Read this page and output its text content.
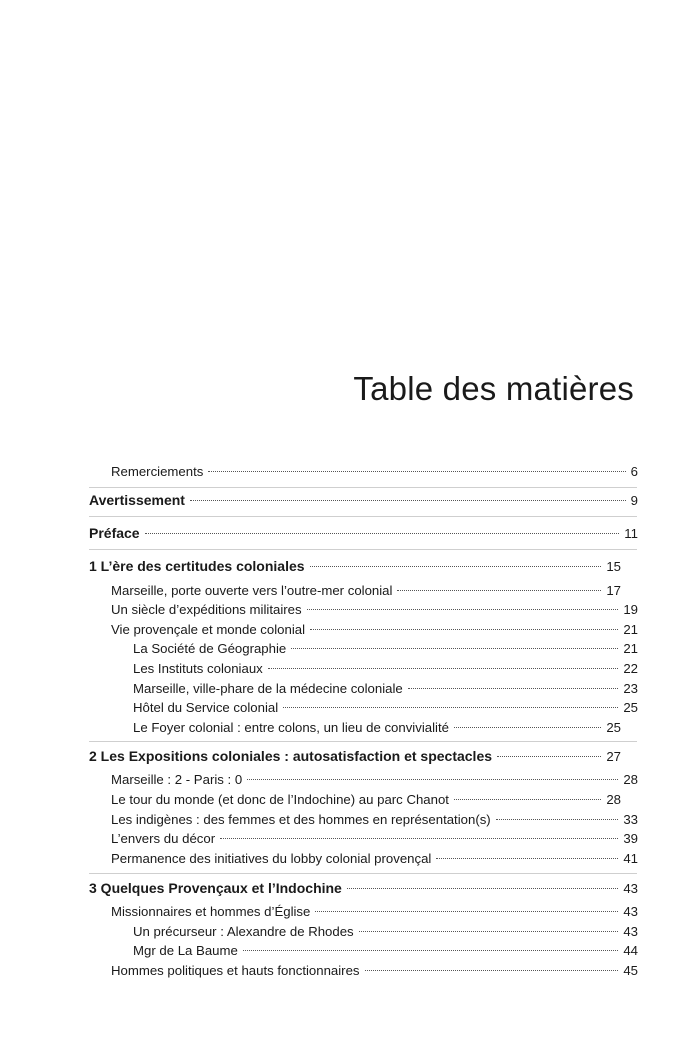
Table des matières
Remerciements	6
Avertissement	9
Préface	11
1 L’ère des certitudes coloniales	15
Marseille, porte ouverte vers l’outre-mer colonial	17
Un siècle d’expéditions militaires	19
Vie provençale et monde colonial	21
La Société de Géographie	21
Les Instituts coloniaux	22
Marseille, ville-phare de la médecine coloniale	23
Hôtel du Service colonial	25
Le Foyer colonial : entre colons, un lieu de convivialité	25
2 Les Expositions coloniales : autosatisfaction et spectacles	27
Marseille : 2 - Paris : 0	28
Le tour du monde (et donc de l’Indochine) au parc Chanot	28
Les indigènes : des femmes et des hommes en représentation(s)	33
L’envers du décor	39
Permanence des initiatives du lobby colonial provençal	41
3 Quelques Provençaux et l’Indochine	43
Missionnaires et hommes d’Église	43
Un précurseur : Alexandre de Rhodes	43
Mgr de La Baume	44
Hommes politiques et hauts fonctionnaires	45
